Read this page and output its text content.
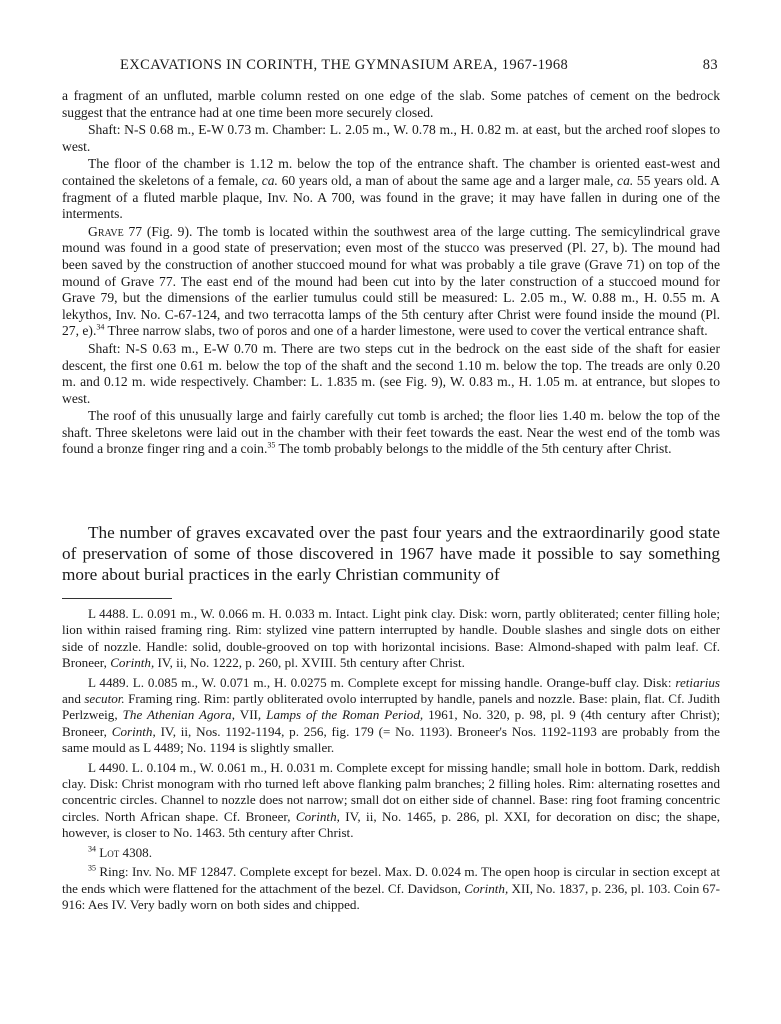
EXCAVATIONS IN CORINTH, THE GYMNASIUM AREA, 1967-1968	83

a fragment of an unfluted, marble column rested on one edge of the slab. Some patches of cement on the bedrock suggest that the entrance had at one time been more securely closed.

Shaft: N-S 0.68 m., E-W 0.73 m. Chamber: L. 2.05 m., W. 0.78 m., H. 0.82 m. at east, but the arched roof slopes to west.

The floor of the chamber is 1.12 m. below the top of the entrance shaft. The chamber is oriented east-west and contained the skeletons of a female, ca. 60 years old, a man of about the same age and a larger male, ca. 55 years old. A fragment of a fluted marble plaque, Inv. No. A 700, was found in the grave; it may have fallen in during one of the interments.

Grave 77 (Fig. 9). The tomb is located within the southwest area of the large cutting. The semicylindrical grave mound was found in a good state of preservation; even most of the stucco was preserved (Pl. 27, b). The mound had been saved by the construction of another stuccoed mound for what was probably a tile grave (Grave 71) on top of the mound of Grave 77. The east end of the mound had been cut into by the later construction of a stuccoed mound for Grave 79, but the dimensions of the earlier tumulus could still be measured: L. 2.05 m., W. 0.88 m., H. 0.55 m. A lekythos, Inv. No. C-67-124, and two terracotta lamps of the 5th century after Christ were found inside the mound (Pl. 27, e).$^{34}$ Three narrow slabs, two of poros and one of a harder limestone, were used to cover the vertical entrance shaft.

Shaft: N-S 0.63 m., E-W 0.70 m. There are two steps cut in the bedrock on the east side of the shaft for easier descent, the first one 0.61 m. below the top of the shaft and the second 1.10 m. below the top. The treads are only 0.20 m. and 0.12 m. wide respectively. Chamber: L. 1.835 m. (see Fig. 9), W. 0.83 m., H. 1.05 m. at entrance, but slopes to west.

The roof of this unusually large and fairly carefully cut tomb is arched; the floor lies 1.40 m. below the top of the shaft. Three skeletons were laid out in the chamber with their feet towards the east. Near the west end of the tomb was found a bronze finger ring and a coin.$^{35}$ The tomb probably belongs to the middle of the 5th century after Christ.

The number of graves excavated over the past four years and the extraordinarily good state of preservation of some of those discovered in 1967 have made it possible to say something more about burial practices in the early Christian community of

L 4488. L. 0.091 m., W. 0.066 m. H. 0.033 m. Intact. Light pink clay. Disk: worn, partly obliterated; center filling hole; lion within raised framing ring. Rim: stylized vine pattern interrupted by handle. Double slashes and single dots on either side of nozzle. Handle: solid, double-grooved on top with horizontal incisions. Base: Almond-shaped with palm leaf. Cf. Broneer, Corinth, IV, ii, No. 1222, p. 260, pl. XVIII. 5th century after Christ.

L 4489. L. 0.085 m., W. 0.071 m., H. 0.0275 m. Complete except for missing handle. Orange-buff clay. Disk: retiarius and secutor. Framing ring. Rim: partly obliterated ovolo interrupted by handle, panels and nozzle. Base: plain, flat. Cf. Judith Perlzweig, The Athenian Agora, VII, Lamps of the Roman Period, 1961, No. 320, p. 98, pl. 9 (4th century after Christ); Broneer, Corinth, IV, ii, Nos. 1192-1194, p. 256, fig. 179 (= No. 1193). Broneer's Nos. 1192-1193 are probably from the same mould as L 4489; No. 1194 is slightly smaller.

L 4490. L. 0.104 m., W. 0.061 m., H. 0.031 m. Complete except for missing handle; small hole in bottom. Dark, reddish clay. Disk: Christ monogram with rho turned left above flanking palm branches; 2 filling holes. Rim: alternating rosettes and concentric circles. Channel to nozzle does not narrow; small dot on either side of channel. Base: ring foot framing concentric circles. North African shape. Cf. Broneer, Corinth, IV, ii, No. 1465, p. 286, pl. XXI, for decoration on disc; the shape, however, is closer to No. 1463. 5th century after Christ.

$^{34}$ Lot 4308.

$^{35}$ Ring: Inv. No. MF 12847. Complete except for bezel. Max. D. 0.024 m. The open hoop is circular in section except at the ends which were flattened for the attachment of the bezel. Cf. Davidson, Corinth, XII, No. 1837, p. 236, pl. 103. Coin 67-916: Aes IV. Very badly worn on both sides and chipped.
